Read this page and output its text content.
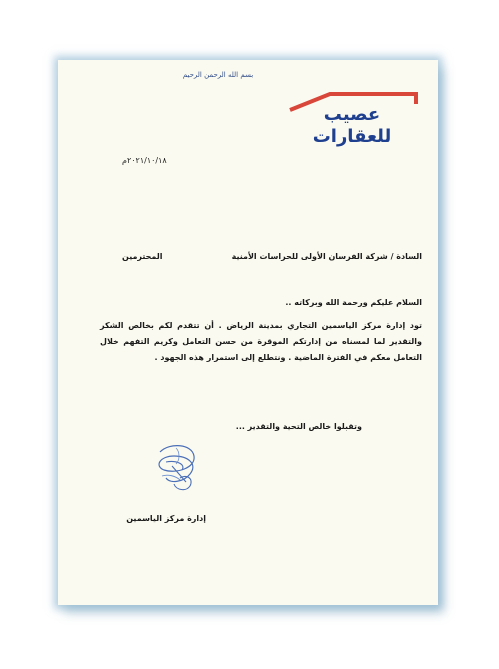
بسم الله الرحمن الرحيم
عصيب للعقارات
٢٠٢١/١٠/١٨م
السادة / شركة الفرسان الأولى للحراسات الأمنية
المحترمين
السلام عليكم ورحمة الله وبركاته ..
تود إدارة مركز الياسمين التجاري بمدينة الرياض . أن تتقدم لكم بخالص الشكر والتقدير لما لمسناه من إدارتكم الموقرة من حسن التعامل وكريم التفهم خلال التعامل معكم في الفترة الماضية . ونتطلع إلى استمرار هذه الجهود .
وتقبلوا خالص التحية والتقدير ...
إدارة مركز الياسمين
